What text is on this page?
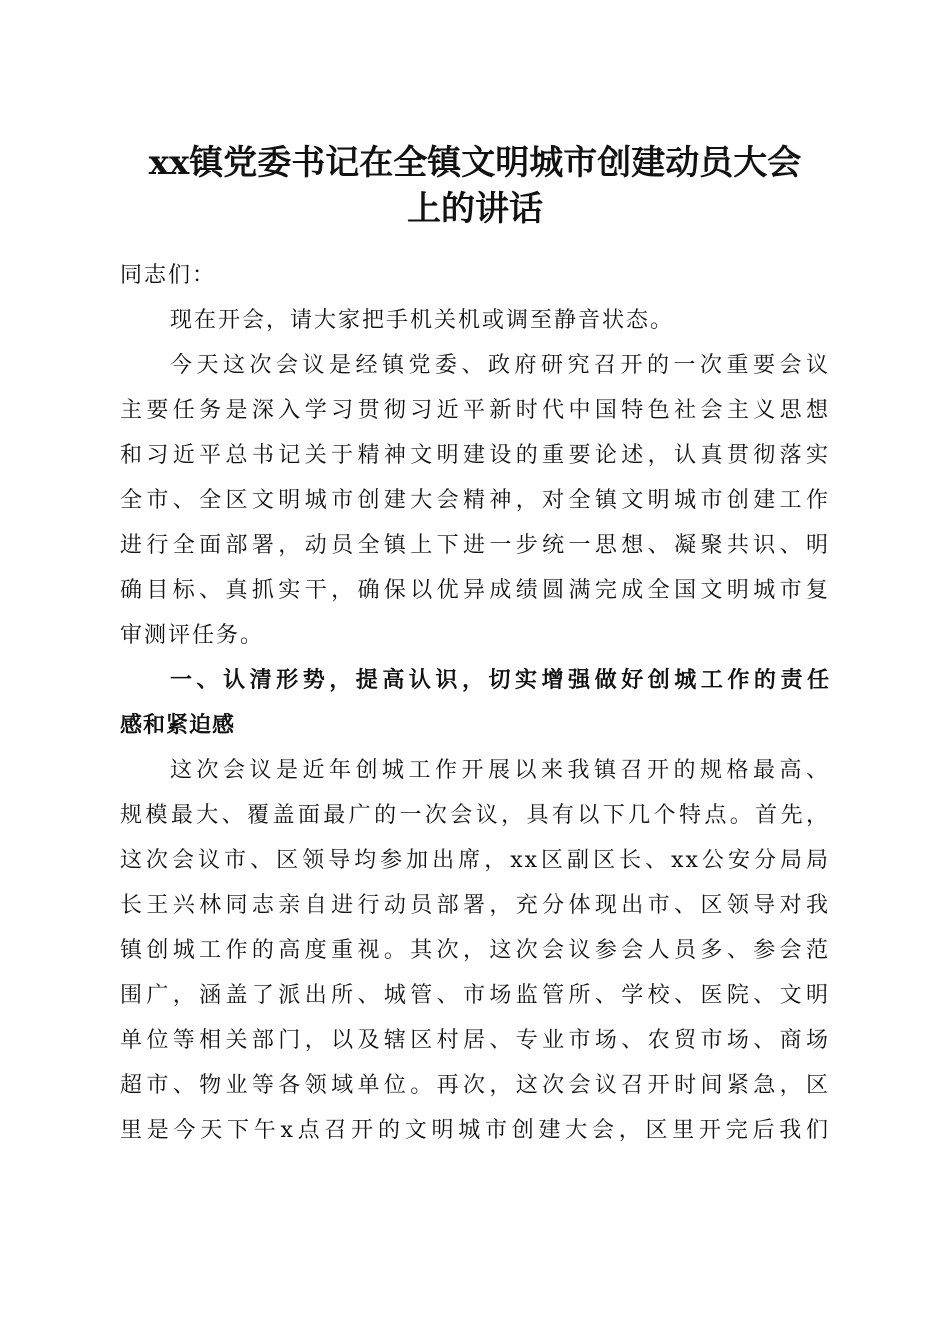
xx镇党委书记在全镇文明城市创建动员大会
上的讲话
同志们：
现在开会，请大家把手机关机或调至静音状态。
今天这次会议是经镇党委、政府研究召开的一次重要会议
主要任务是深入学习贯彻习近平新时代中国特色社会主义思想
和习近平总书记关于精神文明建设的重要论述，认真贯彻落实
全市、全区文明城市创建大会精神，对全镇文明城市创建工作
进行全面部署，动员全镇上下进一步统一思想、凝聚共识、明
确目标、真抓实干，确保以优异成绩圆满完成全国文明城市复
审测评任务。
一、认清形势，提高认识，切实增强做好创城工作的责任
感和紧迫感
这次会议是近年创城工作开展以来我镇召开的规格最高、
规模最大、覆盖面最广的一次会议，具有以下几个特点。首先，
这次会议市、区领导均参加出席，xx区副区长、xx公安分局局
长王兴林同志亲自进行动员部署，充分体现出市、区领导对我
镇创城工作的高度重视。其次，这次会议参会人员多、参会范
围广，涵盖了派出所、城管、市场监管所、学校、医院、文明
单位等相关部门，以及辖区村居、专业市场、农贸市场、商场
超市、物业等各领域单位。再次，这次会议召开时间紧急，区
里是今天下午x点召开的文明城市创建大会，区里开完后我们
